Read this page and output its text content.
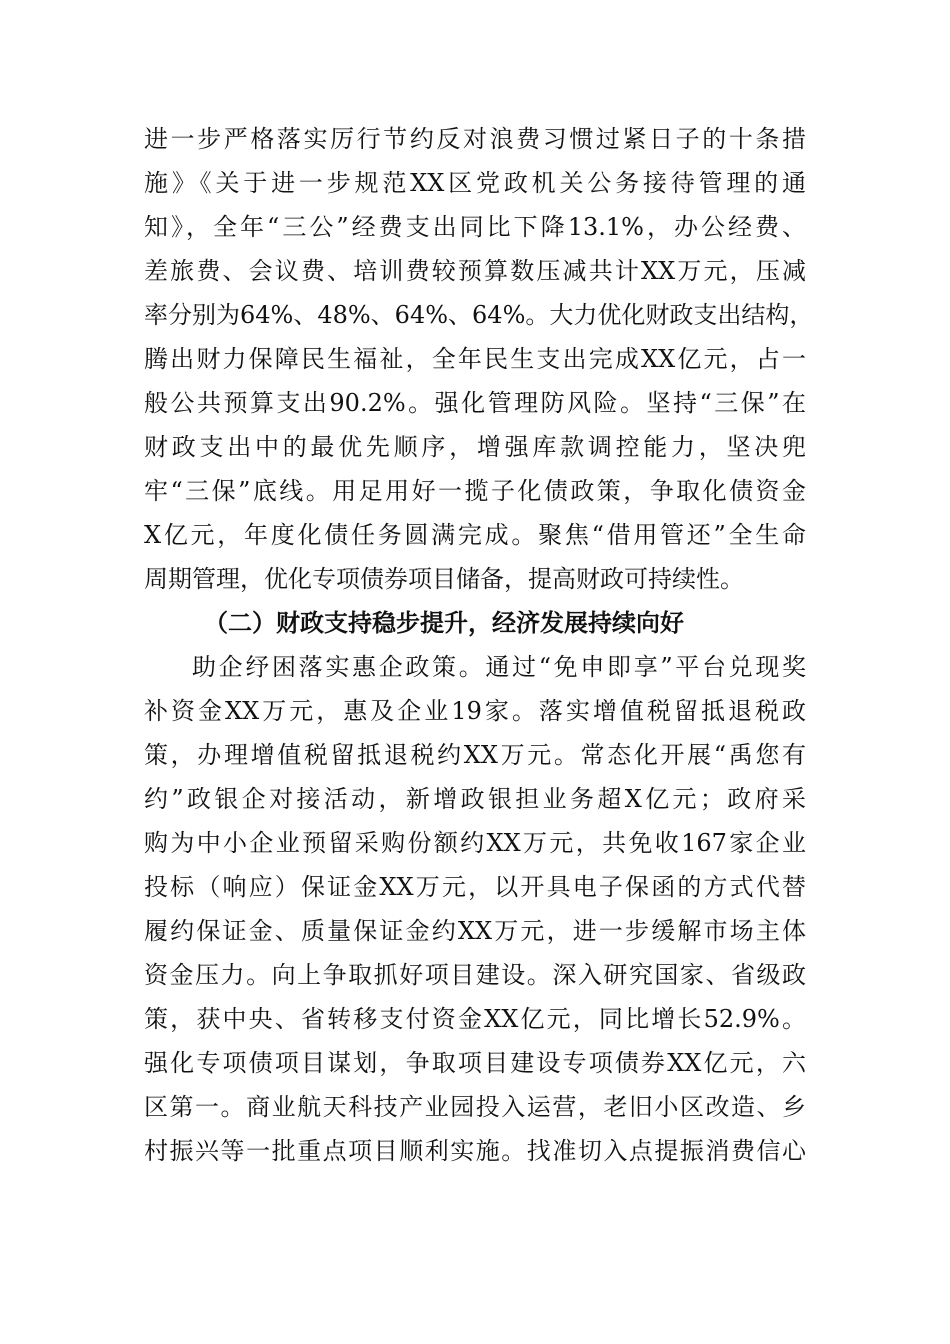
进一步严格落实厉行节约反对浪费习惯过紧日子的十条措
施》《关于进一步规范XX区党政机关公务接待管理的通
知》，全年“三公”经费支出同比下降13.1%，办公经费、
差旅费、会议费、培训费较预算数压减共计XX万元，压减
率分别为64%、48%、64%、64%。大力优化财政支出结构，
腾出财力保障民生福祉，全年民生支出完成XX亿元，占一
般公共预算支出90.2%。强化管理防风险。坚持“三保”在
财政支出中的最优先顺序，增强库款调控能力，坚决兜
牢“三保”底线。用足用好一揽子化债政策，争取化债资金
X亿元，年度化债任务圆满完成。聚焦“借用管还”全生命
周期管理，优化专项债券项目储备，提高财政可持续性。
（二）财政支持稳步提升，经济发展持续向好
助企纾困落实惠企政策。通过“免申即享”平台兑现奖
补资金XX万元，惠及企业19家。落实增值税留抵退税政
策，办理增值税留抵退税约XX万元。常态化开展“禹您有
约”政银企对接活动，新增政银担业务超X亿元；政府采
购为中小企业预留采购份额约XX万元，共免收167家企业
投标（响应）保证金XX万元，以开具电子保函的方式代替
履约保证金、质量保证金约XX万元，进一步缓解市场主体
资金压力。向上争取抓好项目建设。深入研究国家、省级政
策，获中央、省转移支付资金XX亿元，同比增长52.9%。
强化专项债项目谋划，争取项目建设专项债券XX亿元，六
区第一。商业航天科技产业园投入运营，老旧小区改造、乡
村振兴等一批重点项目顺利实施。找准切入点提振消费信心
